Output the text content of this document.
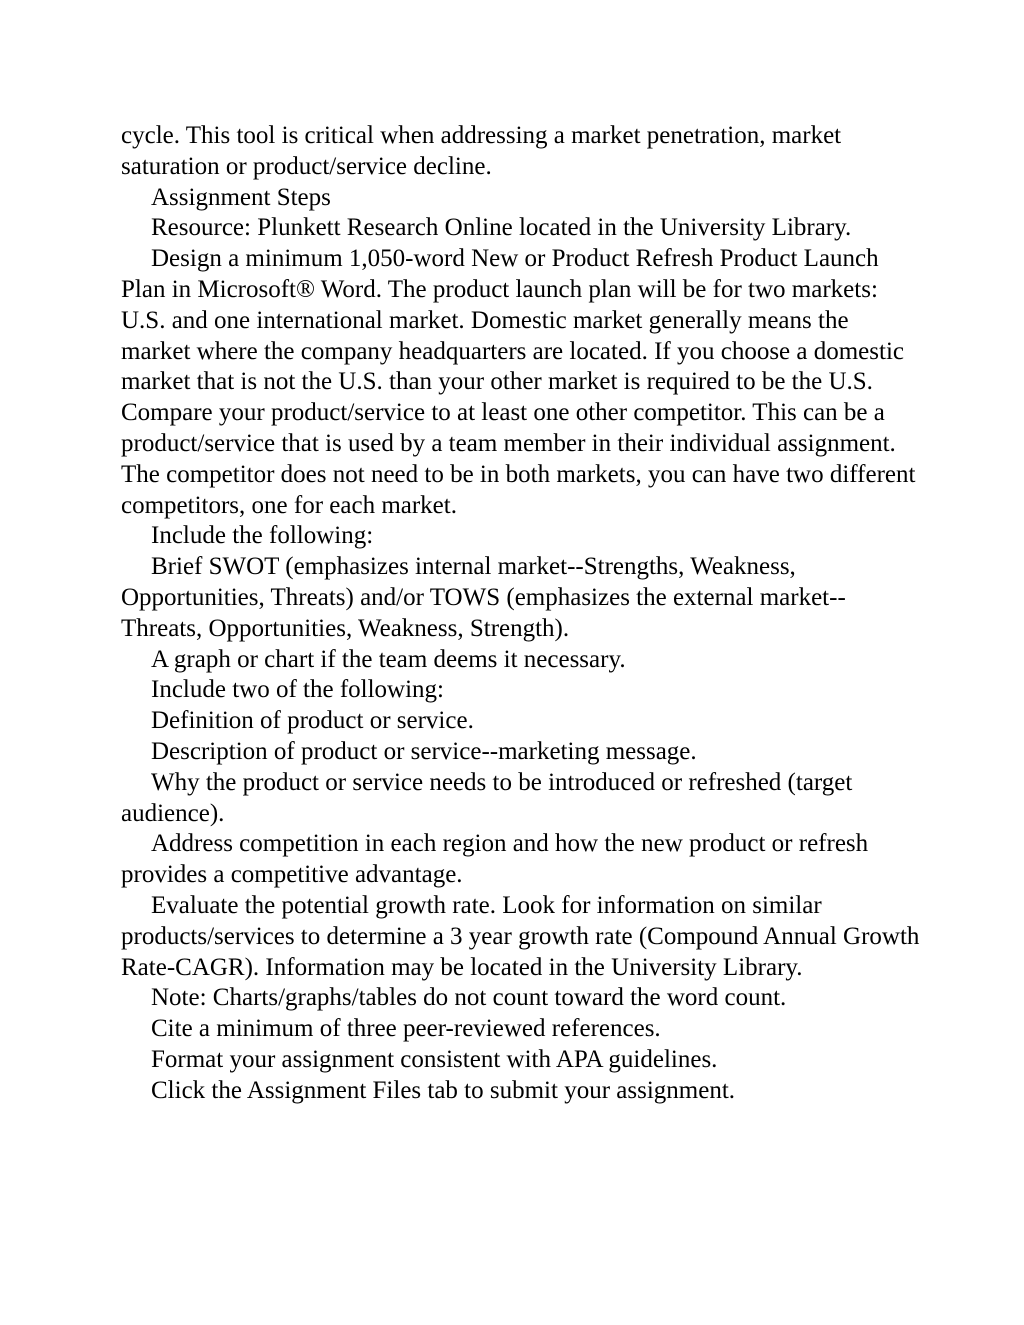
cycle. This tool is critical when addressing a market penetration, market saturation or product/service decline.

Assignment Steps

Resource: Plunkett Research Online located in the University Library.

Design a minimum 1,050-word New or Product Refresh Product Launch Plan in Microsoft® Word. The product launch plan will be for two markets: U.S. and one international market. Domestic market generally means the market where the company headquarters are located. If you choose a domestic market that is not the U.S. than your other market is required to be the U.S. Compare your product/service to at least one other competitor. This can be a product/service that is used by a team member in their individual assignment. The competitor does not need to be in both markets, you can have two different competitors, one for each market.

Include the following:

Brief SWOT (emphasizes internal market--Strengths, Weakness, Opportunities, Threats) and/or TOWS (emphasizes the external market--Threats, Opportunities, Weakness, Strength).

A graph or chart if the team deems it necessary.

Include two of the following:

Definition of product or service.

Description of product or service--marketing message.

Why the product or service needs to be introduced or refreshed (target audience).

Address competition in each region and how the new product or refresh provides a competitive advantage.

Evaluate the potential growth rate. Look for information on similar products/services to determine a 3 year growth rate (Compound Annual Growth Rate-CAGR). Information may be located in the University Library.

Note: Charts/graphs/tables do not count toward the word count.

Cite a minimum of three peer-reviewed references.

Format your assignment consistent with APA guidelines.

Click the Assignment Files tab to submit your assignment.
